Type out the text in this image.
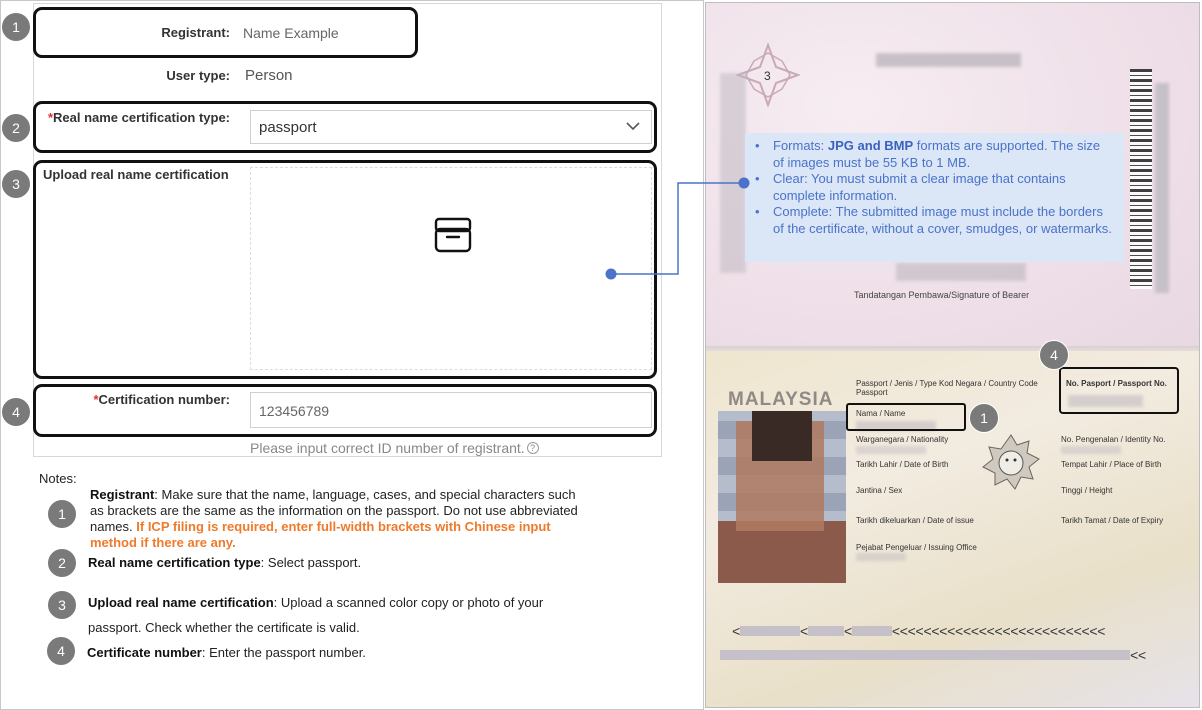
1
2
3
4
Registrant: Name Example
User type: Person
*Real name certification type:
passport
Upload real name certification
*Certification number:
123456789
Please input correct ID number of registrant. ?
Notes:
1
Registrant: Make sure that the name, language, cases, and special characters such as brackets are the same as the information on the passport. Do not use abbreviated names. If ICP filing is required, enter full-width brackets with Chinese input method if there are any.
2	Real name certification type: Select passport.
3	Upload real name certification: Upload a scanned color copy or photo of your
passport. Check whether the certificate is valid.
4	Certificate number: Enter the passport number.
3
Tandatangan Pembawa/Signature of Bearer
MALAYSIA
Passport / Jenis / Type Kod Negara / Country Code
Passport
No. Pasport / Passport No.
Nama / Name
Warganegara / Nationality
Tarikh Lahir / Date of Birth
Jantina / Sex
Tarikh dikeluarkan / Date of issue
Pejabat Pengeluar / Issuing Office
No. Pengenalan / Identity No.
Tempat Lahir / Place of Birth
Tinggi / Height
Tarikh Tamat / Date of Expiry
<	<	<	<<<<<<<<<<<<<<<<<<<<<<<<<<<
<<
1
4
• Formats: JPG and BMP formats are supported. The size of images must be 55 KB to 1 MB.
• Clear: You must submit a clear image that contains complete information.
• Complete: The submitted image must include the borders of the certificate, without a cover, smudges, or watermarks.
